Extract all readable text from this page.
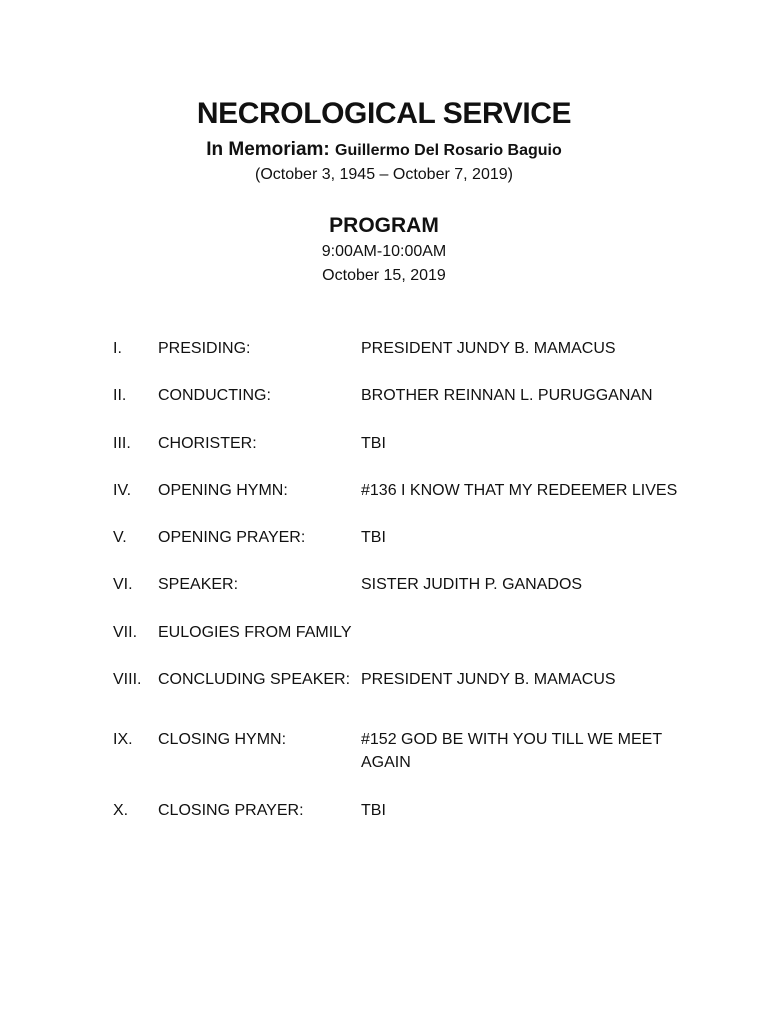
NECROLOGICAL SERVICE
In Memoriam: Guillermo Del Rosario Baguio
(October 3, 1945 – October 7, 2019)
PROGRAM
9:00AM-10:00AM
October 15, 2019
I. PRESIDING:	PRESIDENT JUNDY B. MAMACUS
II. CONDUCTING:	BROTHER REINNAN L. PURUGGANAN
III. CHORISTER:	TBI
IV. OPENING HYMN:	#136 I KNOW THAT MY REDEEMER LIVES
V. OPENING PRAYER:	TBI
VI. SPEAKER:	SISTER JUDITH P. GANADOS
VII. EULOGIES FROM FAMILY
VIII. CONCLUDING SPEAKER: PRESIDENT JUNDY B. MAMACUS
IX. CLOSING HYMN:	#152 GOD BE WITH YOU TILL WE MEET AGAIN
X. CLOSING PRAYER:	TBI
